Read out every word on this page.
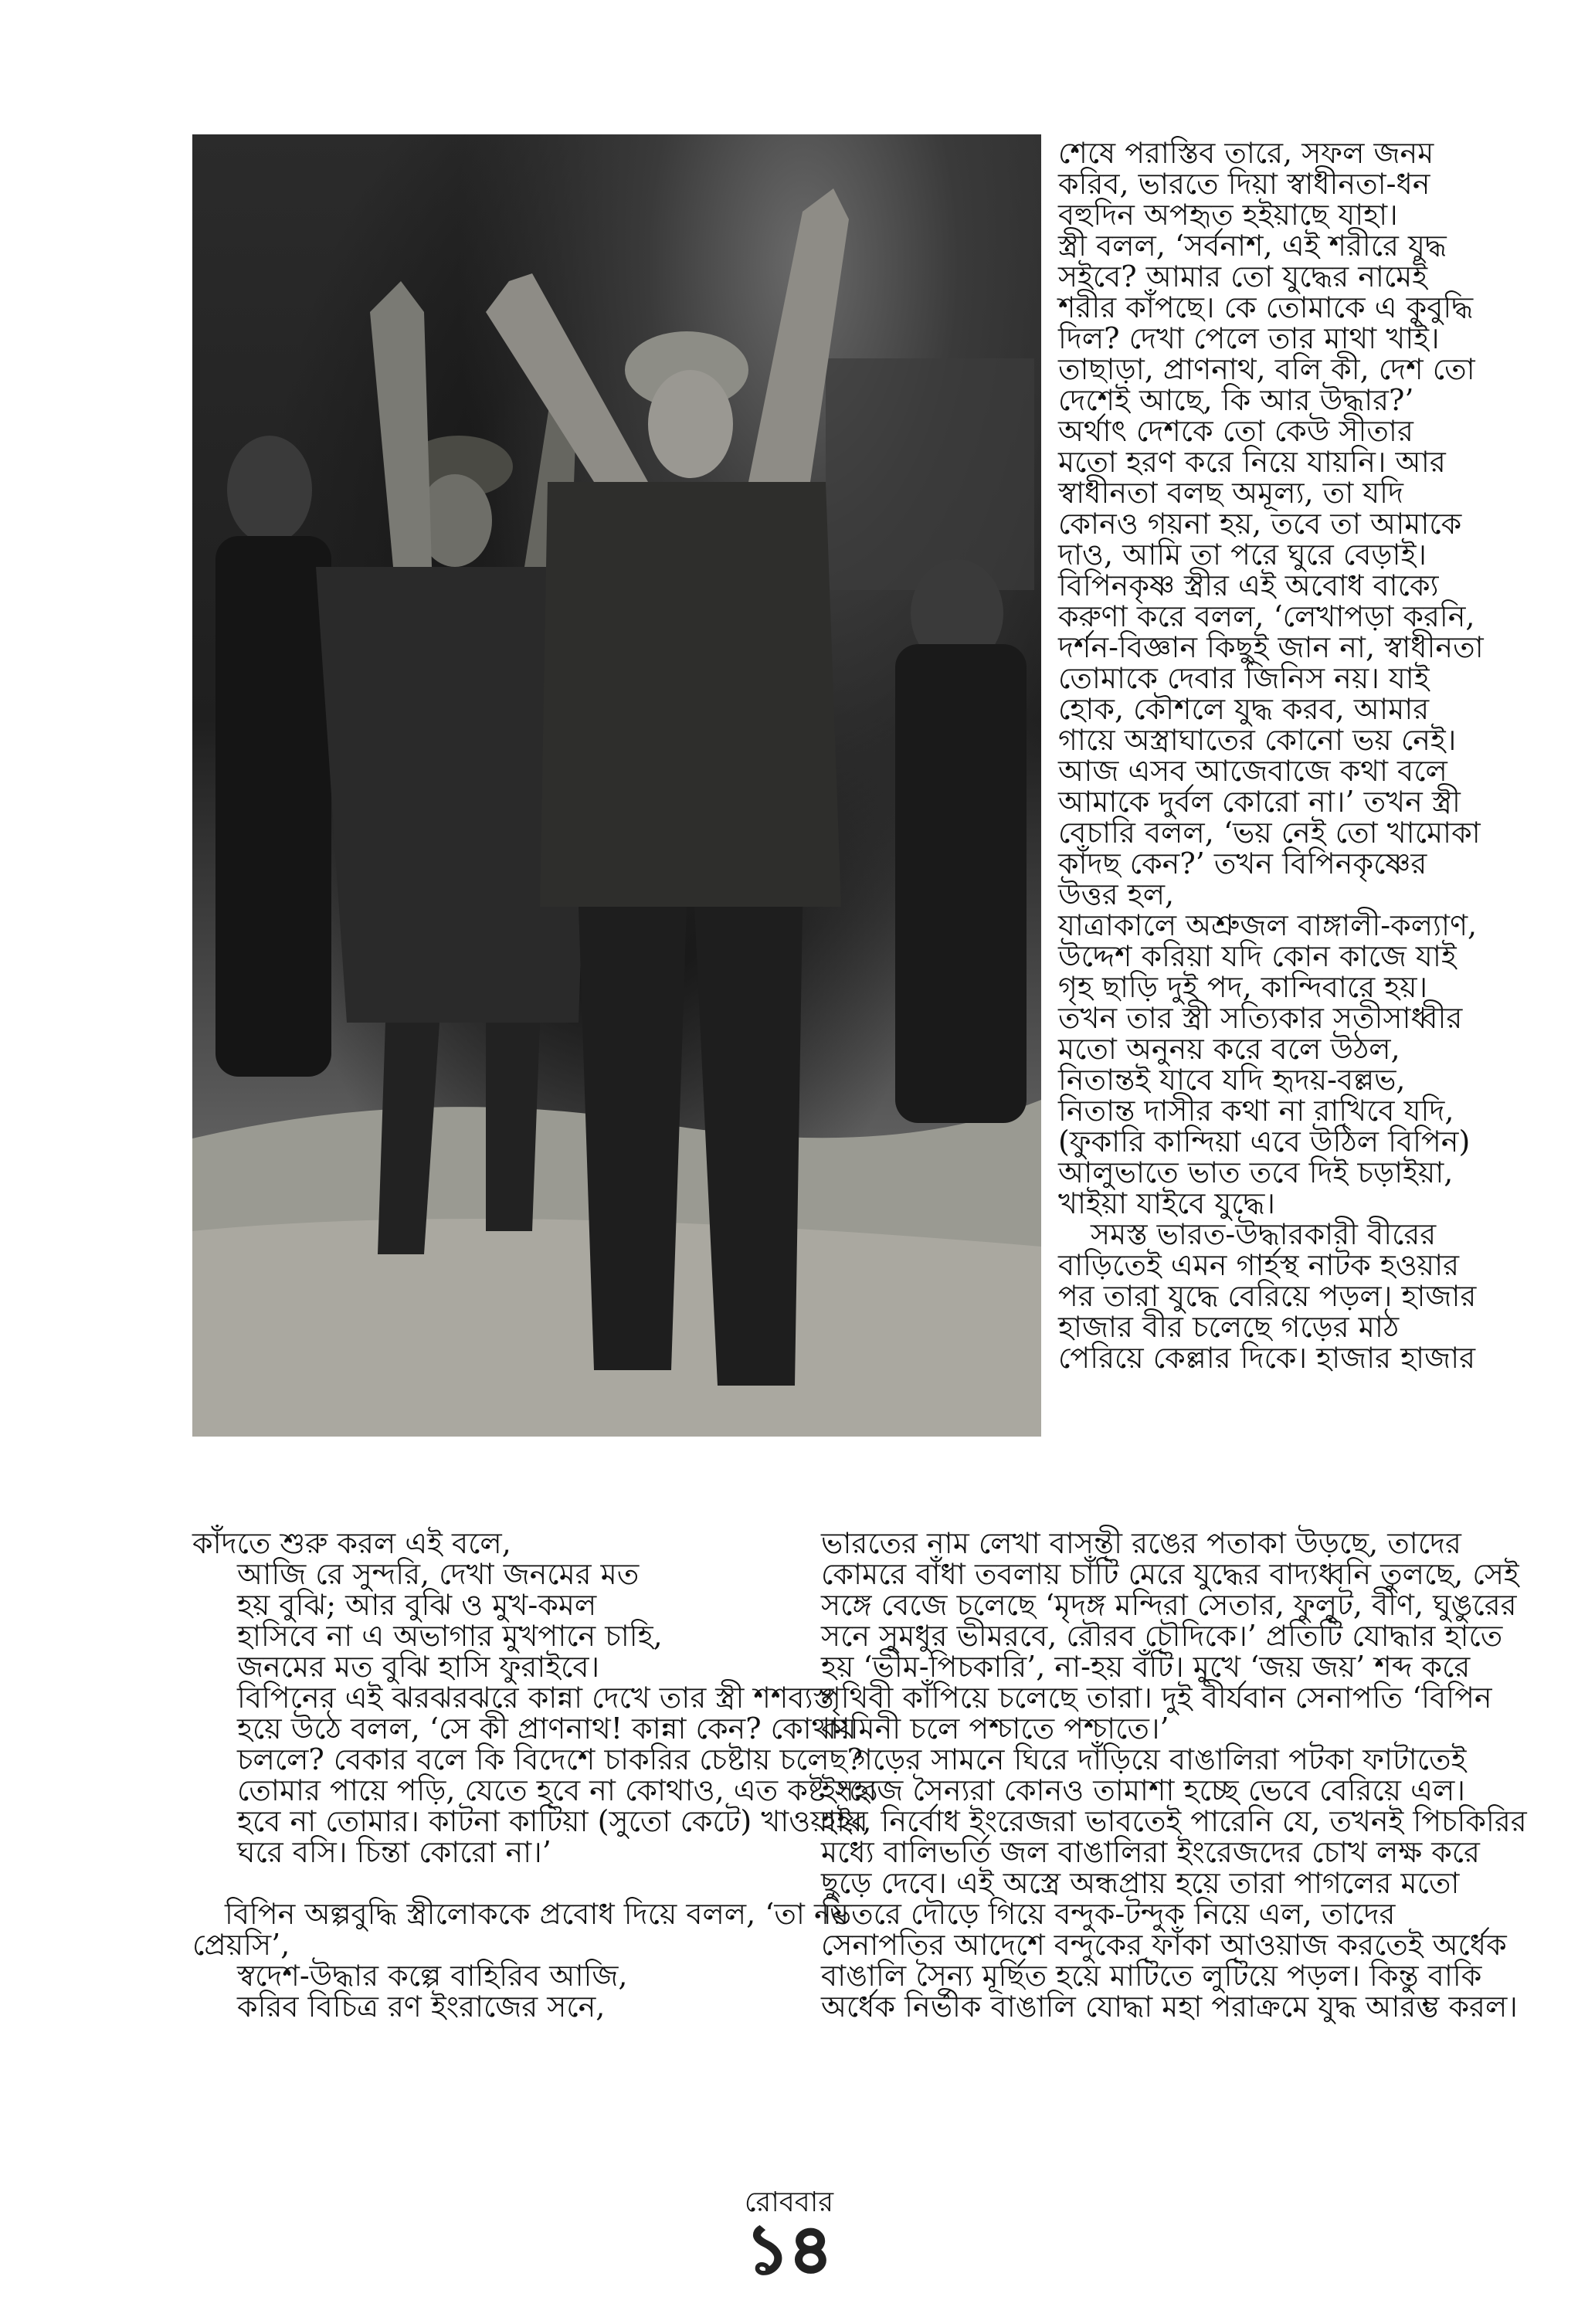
শেষে পরাস্তিব তারে, সফল জনম

করিব, ভারতে দিয়া স্বাধীনতা-ধন

বহুদিন অপহৃত হইয়াছে যাহা।

স্ত্রী বলল, ‘সর্বনাশ, এই শরীরে যুদ্ধ

সইবে? আমার তো যুদ্ধের নামেই

শরীর কাঁপছে। কে তোমাকে এ কুবুদ্ধি

দিল? দেখা পেলে তার মাথা খাই।

তাছাড়া, প্রাণনাথ, বলি কী, দেশ তো

দেশেই আছে, কি আর উদ্ধার?’

অর্থাৎ দেশকে তো কেউ সীতার

মতো হরণ করে নিয়ে যায়নি। আর

স্বাধীনতা বলছ অমূল্য, তা যদি

কোনও গয়না হয়, তবে তা আমাকে

দাও, আমি তা পরে ঘুরে বেড়াই।

বিপিনকৃষ্ণ স্ত্রীর এই অবোধ বাক্যে

করুণা করে বলল, ‘লেখাপড়া করনি,

দর্শন-বিজ্ঞান কিছুই জান না, স্বাধীনতা

তোমাকে দেবার জিনিস নয়। যাই

হোক, কৌশলে যুদ্ধ করব, আমার

গায়ে অস্ত্রাঘাতের কোনো ভয় নেই।

আজ এসব আজেবাজে কথা বলে

আমাকে দুর্বল কোরো না।’ তখন স্ত্রী

বেচারি বলল, ‘ভয় নেই তো খামোকা

কাঁদছ কেন?’ তখন বিপিনকৃষ্ণের

উত্তর হল,

যাত্রাকালে অশ্রুজল বাঙ্গালী-কল্যাণ,

উদ্দেশ করিয়া যদি কোন কাজে যাই

গৃহ ছাড়ি দুই পদ, কান্দিবারে হয়।

তখন তার স্ত্রী সত্যিকার সতীসাধ্বীর

মতো অনুনয় করে বলে উঠল,

নিতান্তই যাবে যদি হৃদয়-বল্লভ,

নিতান্ত দাসীর কথা না রাখিবে যদি,

(ফুকারি কান্দিয়া এবে উঠিল বিপিন)

আলুভাতে ভাত তবে দিই চড়াইয়া,

খাইয়া যাইবে যুদ্ধে।

সমস্ত ভারত-উদ্ধারকারী বীরের

বাড়িতেই এমন গার্হস্থ নাটক হওয়ার

পর তারা যুদ্ধে বেরিয়ে পড়ল। হাজার

হাজার বীর চলেছে গড়ের মাঠ

পেরিয়ে কেল্লার দিকে। হাজার হাজার

কাঁদতে শুরু করল এই বলে,

আজি রে সুন্দরি, দেখা জনমের মত

হয় বুঝি; আর বুঝি ও মুখ-কমল

হাসিবে না এ অভাগার মুখপানে চাহি,

জনমের মত বুঝি হাসি ফুরাইবে।

বিপিনের এই ঝরঝরঝরে কান্না দেখে তার স্ত্রী শশব্যস্ত

হয়ে উঠে বলল, ‘সে কী প্রাণনাথ! কান্না কেন? কোথায়

চললে? বেকার বলে কি বিদেশে চাকরির চেষ্টায় চলেছ?

তোমার পায়ে পড়ি, যেতে হবে না কোথাও, এত কষ্ট সহ্য

হবে না তোমার। কাটনা কাটিয়া (সুতো কেটে) খাওয়াইব

ঘরে বসি। চিন্তা কোরো না।’

বিপিন অল্পবুদ্ধি স্ত্রীলোককে প্রবোধ দিয়ে বলল, ‘তা নয়

প্রেয়সি’,

স্বদেশ-উদ্ধার কল্পে বাহিরিব আজি,

করিব বিচিত্র রণ ইংরাজের সনে,

ভারতের নাম লেখা বাসন্তী রঙের পতাকা উড়ছে, তাদের

কোমরে বাঁধা তবলায় চাঁটি মেরে যুদ্ধের বাদ্যধ্বনি তুলছে, সেই

সঙ্গে বেজে চলেছে ‘মৃদঙ্গ মন্দিরা সেতার, ফুলুট, বীণ, ঘুঙুরের

সনে সুমধুর ভীমরবে, রৌরব চৌদিকে।’ প্রতিটি যোদ্ধার হাতে

হয় ‘ভীম-পিচকারি’, না-হয় বঁটি। মুখে ‘জয় জয়’ শব্দ করে

পৃথিবী কাঁপিয়ে চলেছে তারা। দুই বীর্যবান সেনাপতি ‘বিপিন

কামিনী চলে পশ্চাতে পশ্চাতে।’

গড়ের সামনে ঘিরে দাঁড়িয়ে বাঙালিরা পটকা ফাটাতেই

ইংরেজ সৈন্যরা কোনও তামাশা হচ্ছে ভেবে বেরিয়ে এল।

হায়, নির্বোধ ইংরেজরা ভাবতেই পারেনি যে, তখনই পিচকিরির

মধ্যে বালিভর্তি জল বাঙালিরা ইংরেজদের চোখ লক্ষ করে

ছুড়ে দেবে। এই অস্ত্রে অন্ধপ্রায় হয়ে তারা পাগলের মতো

ভিতরে দৌড়ে গিয়ে বন্দুক-টন্দুক নিয়ে এল, তাদের

সেনাপতির আদেশে বন্দুকের ফাঁকা আওয়াজ করতেই অর্ধেক

বাঙালি সৈন্য মূর্ছিত হয়ে মাটিতে লুটিয়ে পড়ল। কিন্তু বাকি

অর্ধেক নির্ভীক বাঙালি যোদ্ধা মহা পরাক্রমে যুদ্ধ আরম্ভ করল।

রোববার
১৪
